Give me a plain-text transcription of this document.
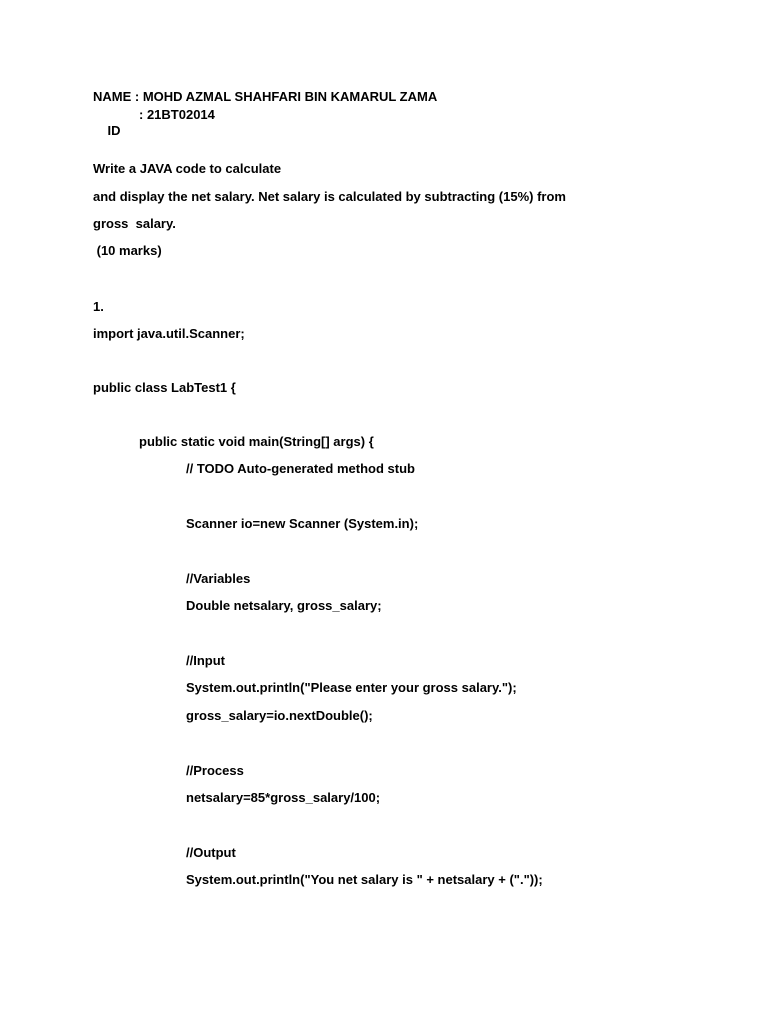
NAME : MOHD AZMAL SHAHFARI BIN KAMARUL ZAMA

ID

: 21BT02014

Write a JAVA code to calculate
and display the net salary. Net salary is calculated by subtracting (15%) from
gross  salary.
(10 marks)
1.
import java.util.Scanner;
public class LabTest1 {
public static void main(String[] args) {
// TODO Auto-generated method stub
Scanner io=new Scanner (System.in);
//Variables
Double netsalary, gross_salary;
//Input
System.out.println("Please enter your gross salary.");
gross_salary=io.nextDouble();
//Process
netsalary=85*gross_salary/100;
//Output
System.out.println("You net salary is " + netsalary + ("."));
